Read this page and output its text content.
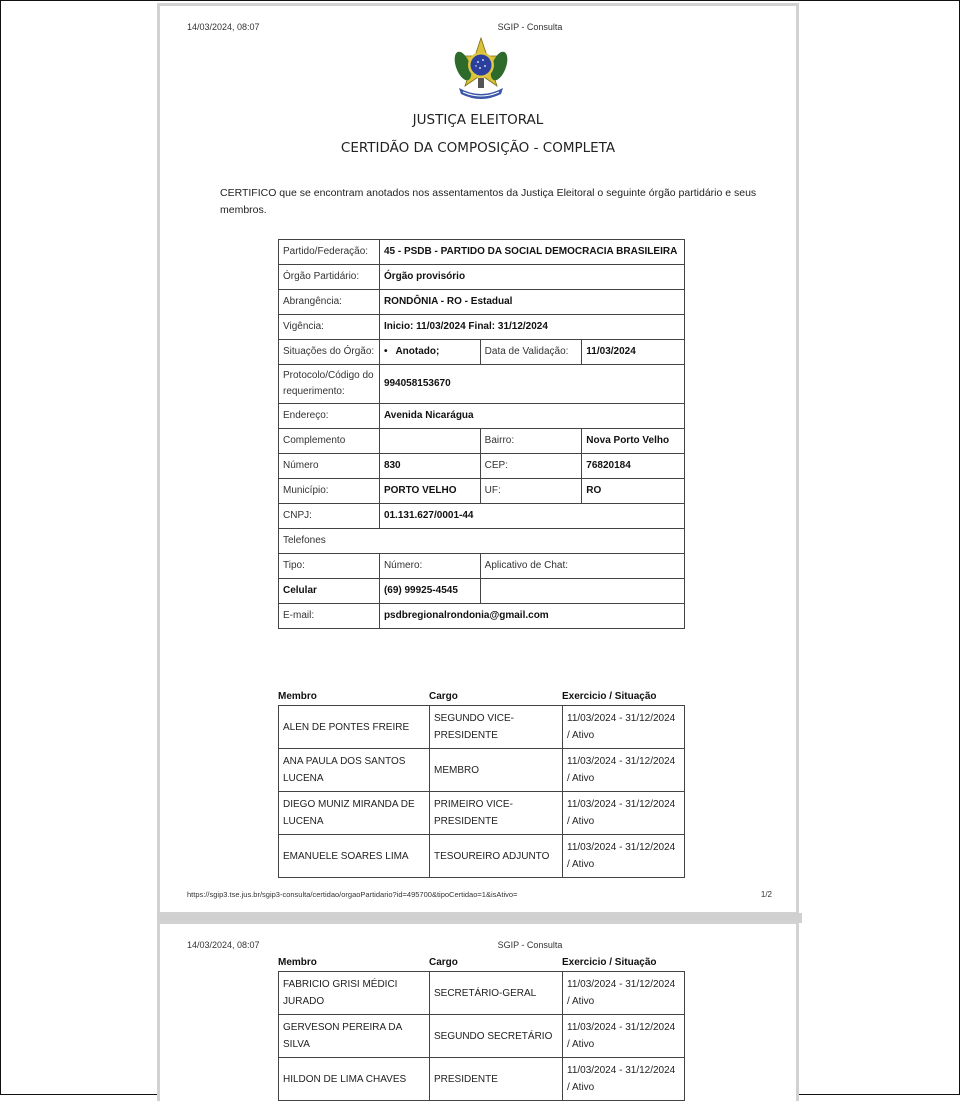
14/03/2024, 08:07	SGIP - Consulta
JUSTIÇA ELEITORAL
CERTIDÃO DA COMPOSIÇÃO - COMPLETA
CERTIFICO que se encontram anotados nos assentamentos da Justiça Eleitoral o seguinte órgão partidário e seus membros.
Partido/Federação:	45 - PSDB - PARTIDO DA SOCIAL DEMOCRACIA BRASILEIRA		
Órgão Partidário:	Órgão provisório		
Abrangência:	RONDÔNIA - RO - Estadual		
Vigência:	Inicio: 11/03/2024 Final: 31/12/2024		
Situações do Órgão:	• Anotado;	Data de Validação:	11/03/2024
Protocolo/Código do requerimento:	994058153670		
Endereço:	Avenida Nicarágua		
Complemento		Bairro:	Nova Porto Velho
Número	830	CEP:	76820184
Município:	PORTO VELHO	UF:	RO
CNPJ:	01.131.627/0001-44		
Telefones			
Tipo:	Número:	Aplicativo de Chat:	
Celular	(69) 99925-4545		
E-mail:	psdbregionalrondonia@gmail.com		
Membro	Cargo	Exercicio / Situação
ALEN DE PONTES FREIRE	SEGUNDO VICE-PRESIDENTE	11/03/2024 - 31/12/2024 / Ativo
ANA PAULA DOS SANTOS LUCENA	MEMBRO	11/03/2024 - 31/12/2024 / Ativo
DIEGO MUNIZ MIRANDA DE LUCENA	PRIMEIRO VICE-PRESIDENTE	11/03/2024 - 31/12/2024 / Ativo
EMANUELE SOARES LIMA	TESOUREIRO ADJUNTO	11/03/2024 - 31/12/2024 / Ativo
https://sgip3.tse.jus.br/sgip3-consulta/certidao/orgaoPartidario?id=495700&tipoCertidao=1&isAtivo=	1/2
14/03/2024, 08:07	SGIP - Consulta
Membro	Cargo	Exercicio / Situação
FABRICIO GRISI MÉDICI JURADO	SECRETÁRIO-GERAL	11/03/2024 - 31/12/2024 / Ativo
GERVESON PEREIRA DA SILVA	SEGUNDO SECRETÁRIO	11/03/2024 - 31/12/2024 / Ativo
HILDON DE LIMA CHAVES	PRESIDENTE	11/03/2024 - 31/12/2024 / Ativo
